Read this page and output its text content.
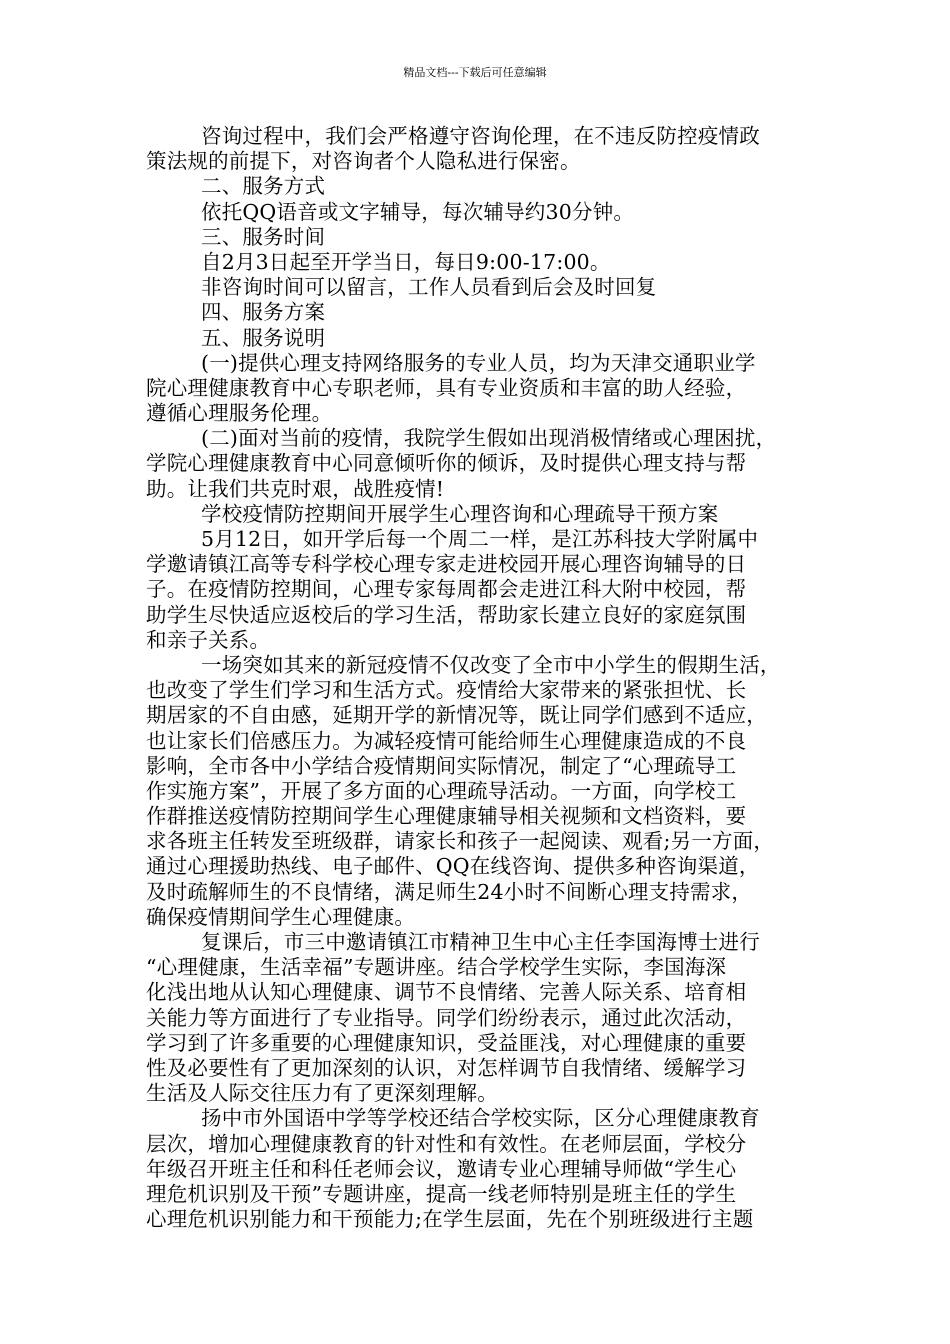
精品文档---下载后可任意编辑
咨询过程中，我们会严格遵守咨询伦理，在不违反防控疫情政
策法规的前提下，对咨询者个人隐私进行保密。
二、服务方式
依托QQ语音或文字辅导，每次辅导约30分钟。
三、服务时间
自2月3日起至开学当日，每日9:00-17:00。
非咨询时间可以留言，工作人员看到后会及时回复
四、服务方案
五、服务说明
(一)提供心理支持网络服务的专业人员，均为天津交通职业学
院心理健康教育中心专职老师，具有专业资质和丰富的助人经验，
遵循心理服务伦理。
(二)面对当前的疫情，我院学生假如出现消极情绪或心理困扰，
学院心理健康教育中心同意倾听你的倾诉，及时提供心理支持与帮
助。让我们共克时艰，战胜疫情!
学校疫情防控期间开展学生心理咨询和心理疏导干预方案
5月12日，如开学后每一个周二一样，是江苏科技大学附属中
学邀请镇江高等专科学校心理专家走进校园开展心理咨询辅导的日
子。在疫情防控期间，心理专家每周都会走进江科大附中校园，帮
助学生尽快适应返校后的学习生活，帮助家长建立良好的家庭氛围
和亲子关系。
一场突如其来的新冠疫情不仅改变了全市中小学生的假期生活，
也改变了学生们学习和生活方式。疫情给大家带来的紧张担忧、长
期居家的不自由感，延期开学的新情况等，既让同学们感到不适应，
也让家长们倍感压力。为减轻疫情可能给师生心理健康造成的不良
影响，全市各中小学结合疫情期间实际情况，制定了“心理疏导工
作实施方案”，开展了多方面的心理疏导活动。一方面，向学校工
作群推送疫情防控期间学生心理健康辅导相关视频和文档资料，要
求各班主任转发至班级群，请家长和孩子一起阅读、观看;另一方面，
通过心理援助热线、电子邮件、QQ在线咨询、提供多种咨询渠道，
及时疏解师生的不良情绪，满足师生24小时不间断心理支持需求，
确保疫情期间学生心理健康。
复课后，市三中邀请镇江市精神卫生中心主任李国海博士进行
“心理健康，生活幸福”专题讲座。结合学校学生实际，李国海深
化浅出地从认知心理健康、调节不良情绪、完善人际关系、培育相
关能力等方面进行了专业指导。同学们纷纷表示，通过此次活动，
学习到了许多重要的心理健康知识，受益匪浅，对心理健康的重要
性及必要性有了更加深刻的认识，对怎样调节自我情绪、缓解学习
生活及人际交往压力有了更深刻理解。
扬中市外国语中学等学校还结合学校实际，区分心理健康教育
层次，增加心理健康教育的针对性和有效性。在老师层面，学校分
年级召开班主任和科任老师会议，邀请专业心理辅导师做“学生心
理危机识别及干预”专题讲座，提高一线老师特别是班主任的学生
心理危机识别能力和干预能力;在学生层面，先在个别班级进行主题
